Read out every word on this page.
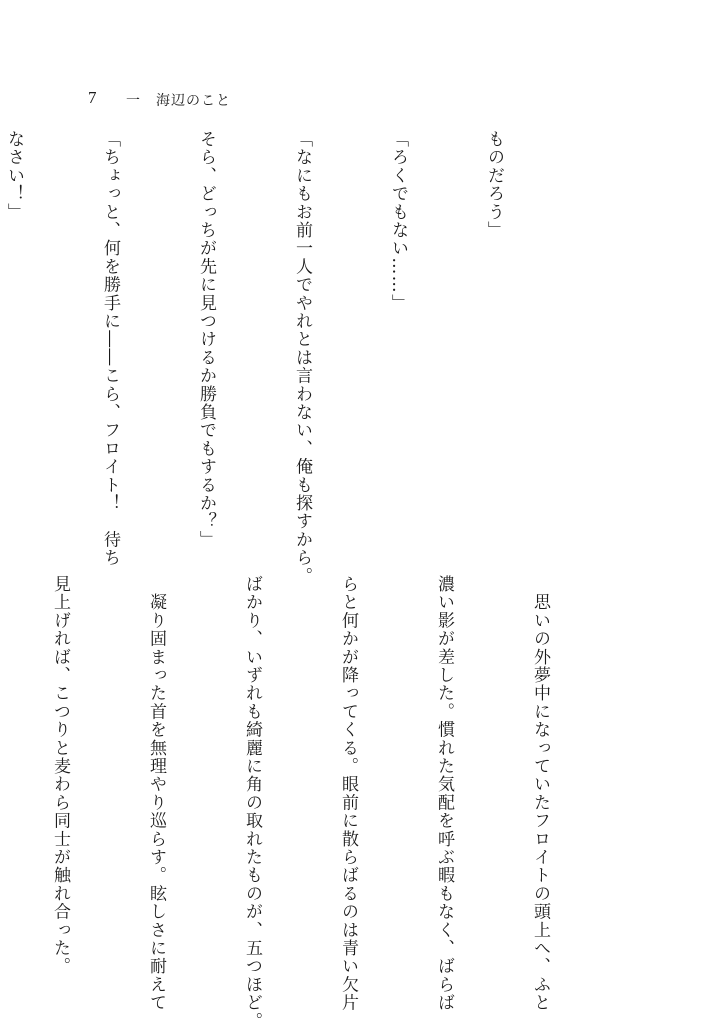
7 一　海辺のこと

ものだろう」

「ろくでもない……」

「なにもお前一人でやれとは言わない、俺も探すから。

そら、どっちが先に見つけるか勝負でもするか？」

「ちょっと、何を勝手に――こら、フロイト！　待ち

なさい！」

　思いの外夢中になっていたフロイトの頭上へ、ふと

濃い影が差した。慣れた気配を呼ぶ暇もなく、ばらば

らと何かが降ってくる。眼前に散らばるのは青い欠片

ばかり、いずれも綺麗に角の取れたものが、五つほど。

　凝り固まった首を無理やり巡らす。眩しさに耐えて

見上げれば、こつりと麦わら同士が触れ合った。
